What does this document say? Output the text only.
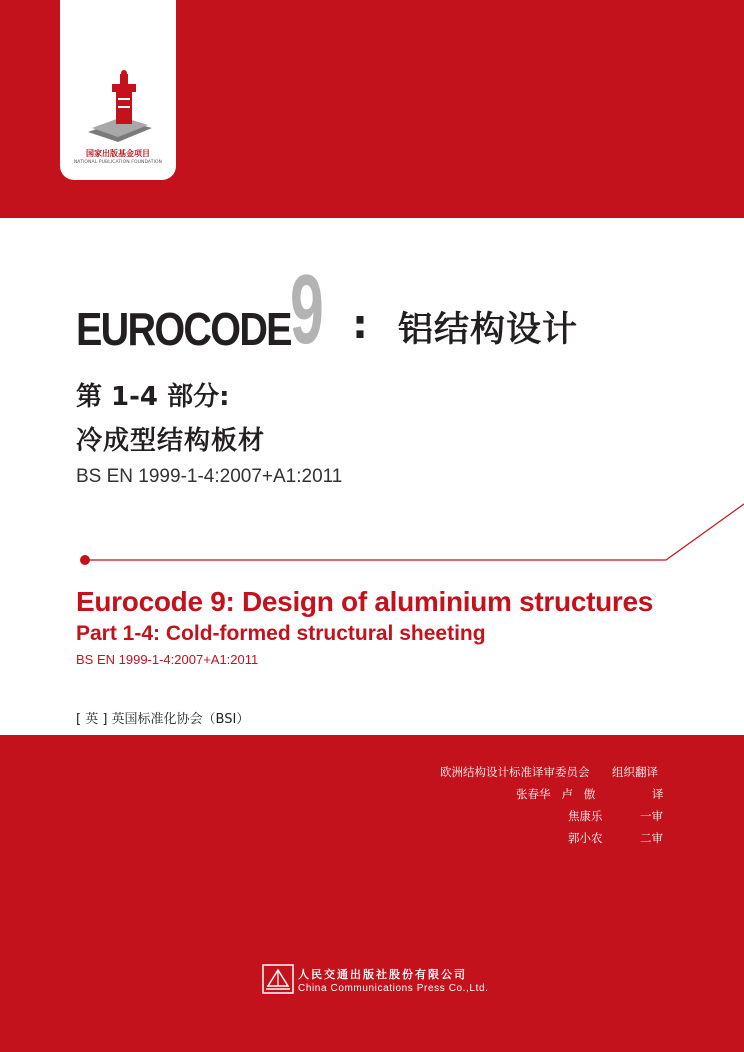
国家出版基金项目
NATIONAL PUBLICATION FOUNDATION
EUROCODE 9 : 铝结构设计
第 1-4 部分:
冷成型结构板材
BS EN 1999-1-4:2007+A1:2011
Eurocode 9: Design of aluminium structures
Part 1-4: Cold-formed structural sheeting
BS EN 1999-1-4:2007+A1:2011
[ 英 ] 英国标准化协会（BSI）
欧洲结构设计标准译审委员会 组织翻译
张春华   卢   傲	译
焦康乐	一审
郭小农	二审
人民交通出版社股份有限公司
China Communications Press Co.,Ltd.
